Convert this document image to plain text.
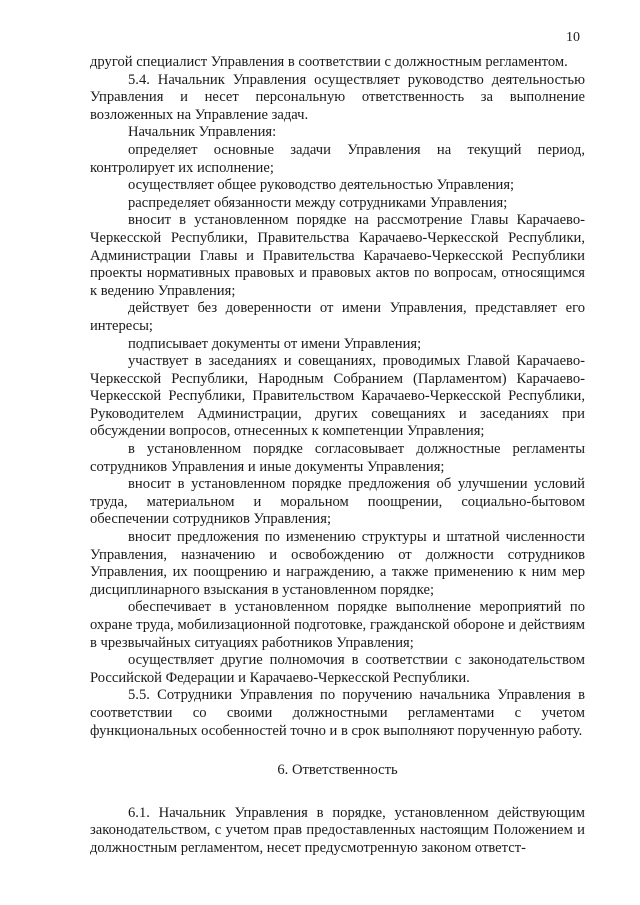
10

другой специалист Управления в соответствии с должностным регламентом.

5.4. Начальник Управления осуществляет руководство деятельностью Управления и несет персональную ответственность за выполнение возложенных на Управление задач.

Начальник Управления:

определяет основные задачи Управления на текущий период, контролирует их исполнение;

осуществляет общее руководство деятельностью Управления;

распределяет обязанности между сотрудниками Управления;

вносит в установленном порядке на рассмотрение Главы Карачаево-Черкесской Республики, Правительства Карачаево-Черкесской Республики, Администрации Главы и Правительства Карачаево-Черкесской Республики проекты нормативных правовых и правовых актов по вопросам, относящимся к ведению Управления;

действует без доверенности от имени Управления, представляет его интересы;

подписывает документы от имени Управления;

участвует в заседаниях и совещаниях, проводимых Главой Карачаево-Черкесской Республики, Народным Собранием (Парламентом) Карачаево-Черкесской Республики, Правительством Карачаево-Черкесской Республики, Руководителем Администрации, других совещаниях и заседаниях при обсуждении вопросов, отнесенных к компетенции Управления;

в установленном порядке согласовывает должностные регламенты сотрудников Управления и иные документы Управления;

вносит в установленном порядке предложения об улучшении условий труда, материальном и моральном поощрении, социально-бытовом обеспечении сотрудников Управления;

вносит предложения по изменению структуры и штатной численности Управления, назначению и освобождению от должности сотрудников Управления, их поощрению и награждению, а также применению к ним мер дисциплинарного взыскания в установленном порядке;

обеспечивает в установленном порядке выполнение мероприятий по охране труда, мобилизационной подготовке, гражданской обороне и действиям в чрезвычайных ситуациях работников Управления;

осуществляет другие полномочия в соответствии с законодательством Российской Федерации и Карачаево-Черкесской Республики.

5.5. Сотрудники Управления по поручению начальника Управления в соответствии со своими должностными регламентами с учетом функциональных особенностей точно и в срок выполняют порученную работу.

6. Ответственность

6.1. Начальник Управления в порядке, установленном действующим законодательством, с учетом прав предоставленных настоящим Положением и должностным регламентом, несет предусмотренную законом ответст-
